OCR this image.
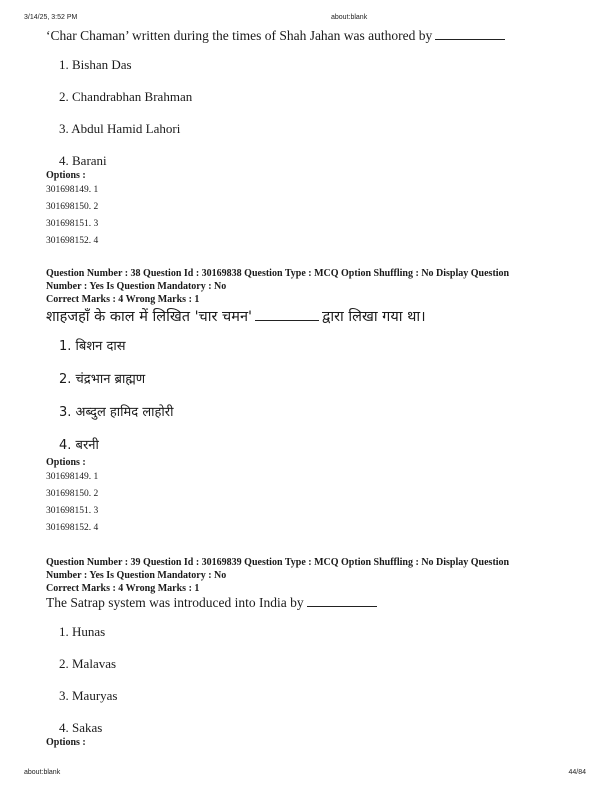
3/14/25, 3:52 PM	about:blank

‘Char Chaman’ written during the times of Shah Jahan was authored by

1. Bishan Das

2. Chandrabhan Brahman

3. Abdul Hamid Lahori

4. Barani

Options :

301698149. 1

301698150. 2

301698151. 3

301698152. 4

Question Number : 38 Question Id : 30169838 Question Type : MCQ Option Shuffling : No Display Question

Number : Yes Is Question Mandatory : No

Correct Marks : 4 Wrong Marks : 1

शाहजहाँ के काल में लिखित 'चार चमन'	द्वारा लिखा गया था।

1. बिशन दास

2. चंद्रभान ब्राह्मण

3. अब्दुल हामिद लाहोरी

4. बरनी

Options :

301698149. 1

301698150. 2

301698151. 3

301698152. 4

Question Number : 39 Question Id : 30169839 Question Type : MCQ Option Shuffling : No Display Question

Number : Yes Is Question Mandatory : No

Correct Marks : 4 Wrong Marks : 1

The Satrap system was introduced into India by

1. Hunas

2. Malavas

3. Mauryas

4. Sakas

Options :

about:blank	44/84
